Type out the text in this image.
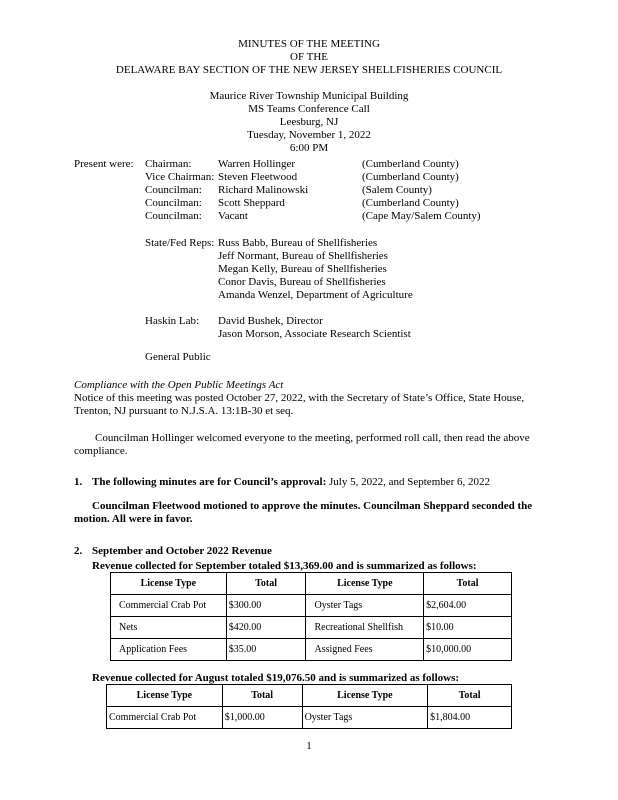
MINUTES OF THE MEETING
OF THE
DELAWARE BAY SECTION OF THE NEW JERSEY SHELLFISHERIES COUNCIL
Maurice River Township Municipal Building
MS Teams Conference Call
Leesburg, NJ
Tuesday, November 1, 2022
6:00 PM
Present were: Chairman: Warren Hollinger	(Cumberland County)
Vice Chairman: Steven Fleetwood	(Cumberland County)
Councilman: Richard Malinowski	(Salem County)
Councilman: Scott Sheppard	(Cumberland County)
Councilman: Vacant	(Cape May/Salem County)
State/Fed Reps: Russ Babb, Bureau of Shellfisheries
Jeff Normant, Bureau of Shellfisheries
Megan Kelly, Bureau of Shellfisheries
Conor Davis, Bureau of Shellfisheries
Amanda Wenzel, Department of Agriculture
Haskin Lab: David Bushek, Director
Jason Morson, Associate Research Scientist
General Public
Compliance with the Open Public Meetings Act
Notice of this meeting was posted October 27, 2022, with the Secretary of State’s Office, State House,
Trenton, NJ pursuant to N.J.S.A. 13:1B-30 et seq.
Councilman Hollinger welcomed everyone to the meeting, performed roll call, then read the above
compliance.
1. The following minutes are for Council’s approval: July 5, 2022, and September 6, 2022
Councilman Fleetwood motioned to approve the minutes. Councilman Sheppard seconded the
motion. All were in favor.
2. September and October 2022 Revenue
Revenue collected for September totaled $13,369.00 and is summarized as follows:
License Type	Total	License Type	Total
Commercial Crab Pot	$300.00	Oyster Tags	$2,604.00
Nets	$420.00	Recreational Shellfish	$10.00
Application Fees	$35.00	Assigned Fees	$10,000.00
Revenue collected for August totaled $19,076.50 and is summarized as follows:
License Type	Total	License Type	Total
Commercial Crab Pot	$1,000.00	Oyster Tags	$1,804.00
1
